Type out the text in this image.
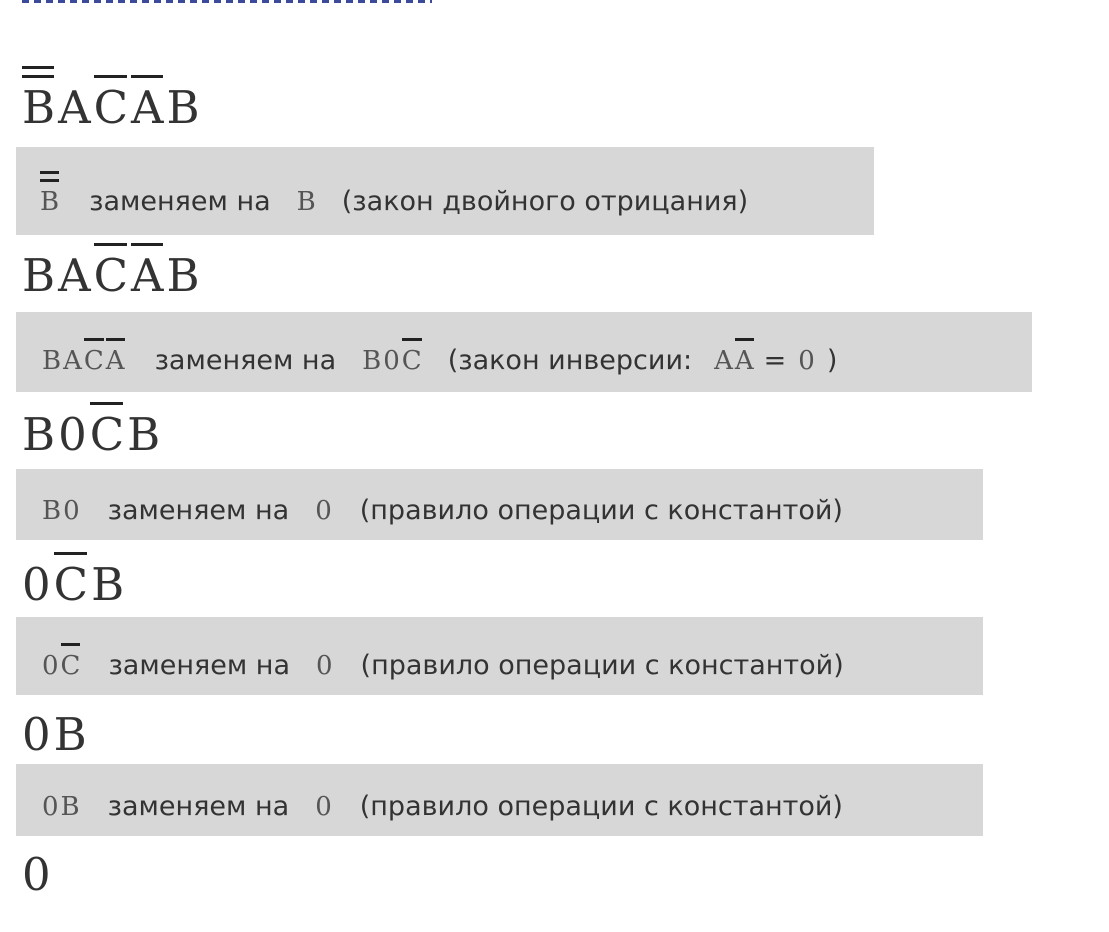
BACAB
B заменяем на B (закон двойного отрицания)
BACAB
BACA заменяем на B0C (закон инверсии: AA = 0 )
B0CB
B0 заменяем на 0 (правило операции с константой)
0CB
0C заменяем на 0 (правило операции с константой)
0B
0B заменяем на 0 (правило операции с константой)
0
